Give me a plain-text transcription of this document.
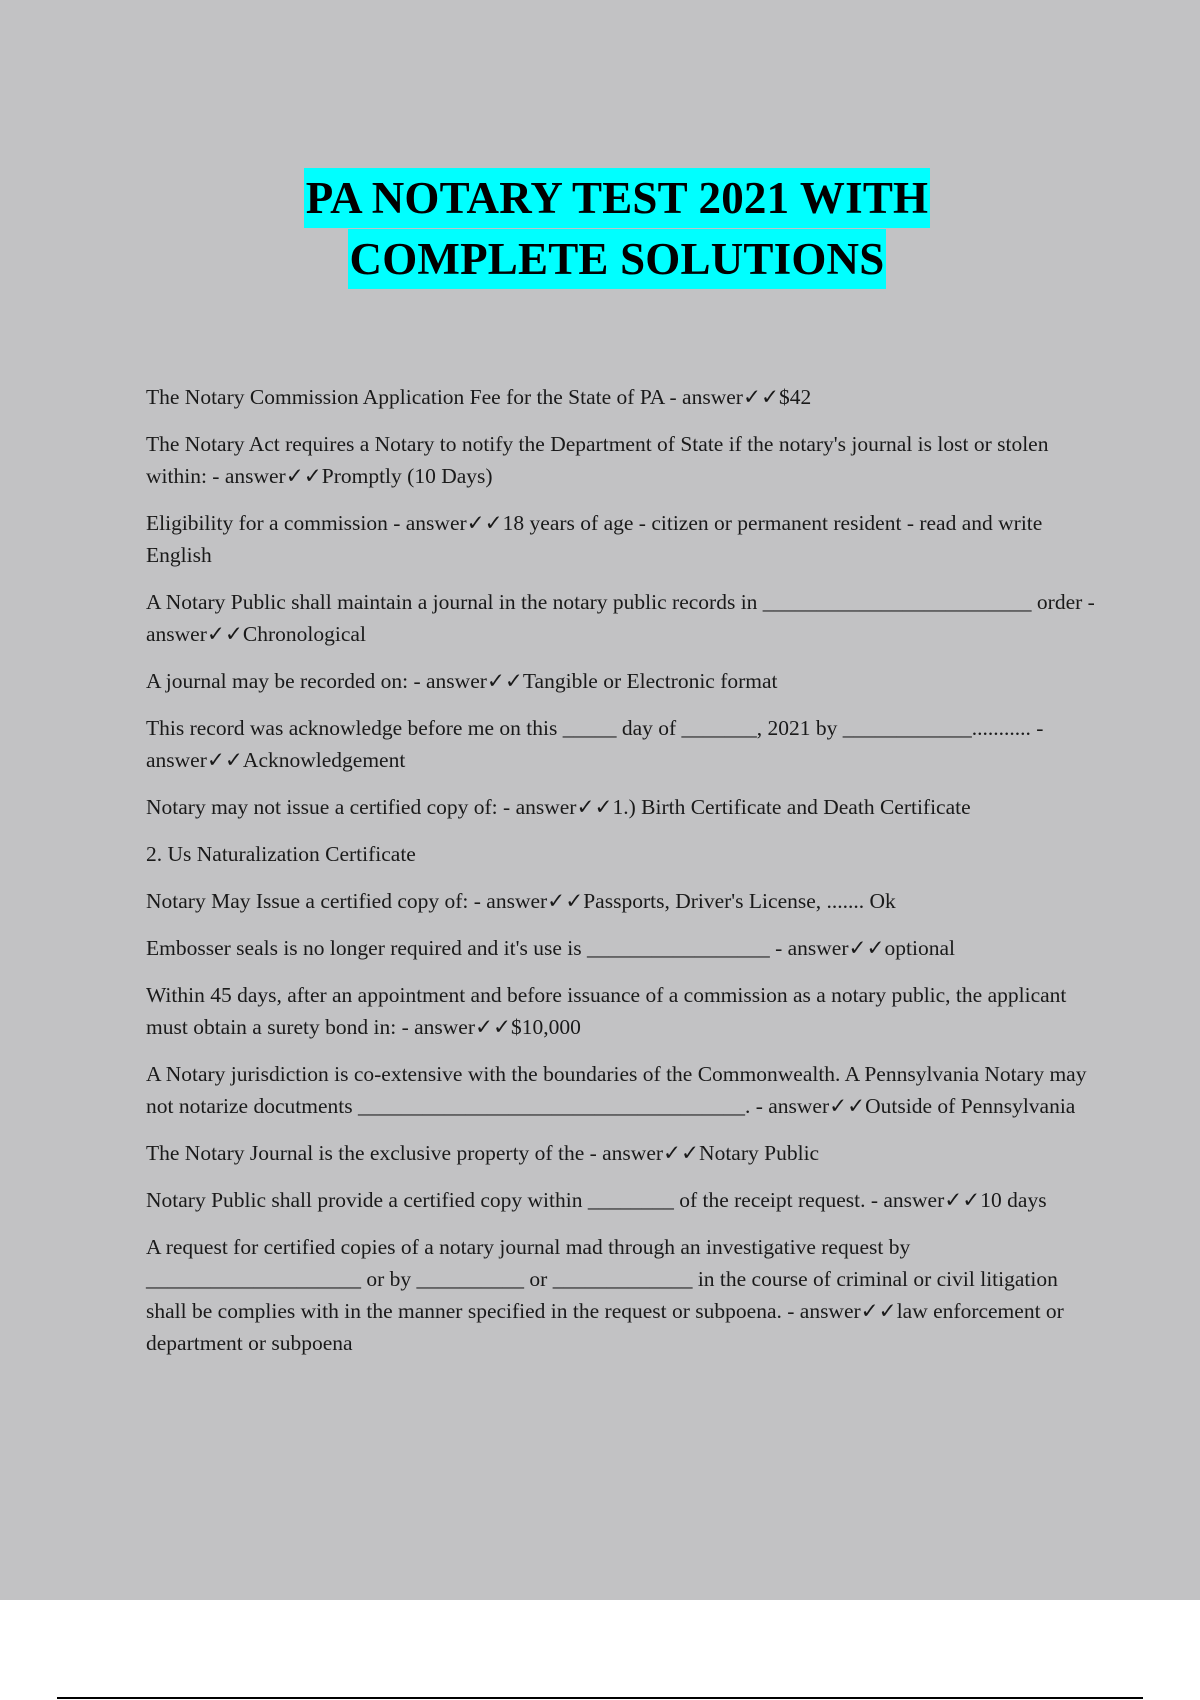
PA NOTARY TEST 2021 WITH
COMPLETE SOLUTIONS

The Notary Commission Application Fee for the State of PA - answer✓✓$42

The Notary Act requires a Notary to notify the Department of State if the notary's journal is lost or stolen within: - answer✓✓Promptly (10 Days)

Eligibility for a commission - answer✓✓18 years of age - citizen or permanent resident - read and write English

A Notary Public shall maintain a journal in the notary public records in _________________________ order - answer✓✓Chronological

A journal may be recorded on: - answer✓✓Tangible or Electronic format

This record was acknowledge before me on this _____ day of _______, 2021 by ____________........... - answer✓✓Acknowledgement

Notary may not issue a certified copy of: - answer✓✓1.) Birth Certificate and Death Certificate

2. Us Naturalization Certificate

Notary May Issue a certified copy of: - answer✓✓Passports, Driver's License, ....... Ok

Embosser seals is no longer required and it's use is _________________ - answer✓✓optional

Within 45 days, after an appointment and before issuance of a commission as a notary public, the applicant must obtain a surety bond in: - answer✓✓$10,000

A Notary jurisdiction is co-extensive with the boundaries of the Commonwealth. A Pennsylvania Notary may not notarize docutments ____________________________________. - answer✓✓Outside of Pennsylvania

The Notary Journal is the exclusive property of the - answer✓✓Notary Public

Notary Public shall provide a certified copy within ________ of the receipt request. - answer✓✓10 days

A request for certified copies of a notary journal mad through an investigative request by ____________________ or by __________ or _____________ in the course of criminal or civil litigation shall be complies with in the manner specified in the request or subpoena. - answer✓✓law enforcement or department or subpoena
